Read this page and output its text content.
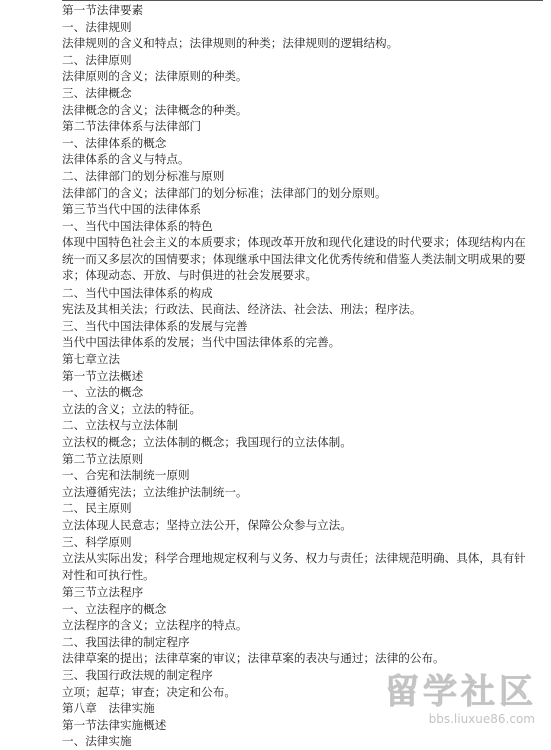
第一节法律要素
一、法律规则
法律规则的含义和特点；法律规则的种类；法律规则的逻辑结构。
二、法律原则
法律原则的含义；法律原则的种类。
三、法律概念
法律概念的含义；法律概念的种类。
第二节法律体系与法律部门
一、法律体系的概念
法律体系的含义与特点。
二、法律部门的划分标准与原则
法律部门的含义；法律部门的划分标准；法律部门的划分原则。
第三节当代中国的法律体系
一、当代中国法律体系的特色
体现中国特色社会主义的本质要求；体现改革开放和现代化建设的时代要求；体现结构内在统一而又多层次的国情要求；体现继承中国法律文化优秀传统和借鉴人类法制文明成果的要求；体现动态、开放、与时俱进的社会发展要求。
二、当代中国法律体系的构成
宪法及其相关法；行政法、民商法、经济法、社会法、刑法；程序法。
三、当代中国法律体系的发展与完善
当代中国法律体系的发展；当代中国法律体系的完善。
第七章立法
第一节立法概述
一、立法的概念
立法的含义；立法的特征。
二、立法权与立法体制
立法权的概念；立法体制的概念；我国现行的立法体制。
第二节立法原则
一、合宪和法制统一原则
立法遵循宪法；立法维护法制统一。
二、民主原则
立法体现人民意志；坚持立法公开，保障公众参与立法。
三、科学原则
立法从实际出发；科学合理地规定权利与义务、权力与责任；法律规范明确、具体，具有针对性和可执行性。
第三节立法程序
一、立法程序的概念
立法程序的含义；立法程序的特点。
二、我国法律的制定程序
法律草案的提出；法律草案的审议；法律草案的表决与通过；法律的公布。
三、我国行政法规的制定程序
立项；起草；审查；决定和公布。
第八章　法律实施
第一节法律实施概述
一、法律实施
留学社区
bbs.liuxue86.com
